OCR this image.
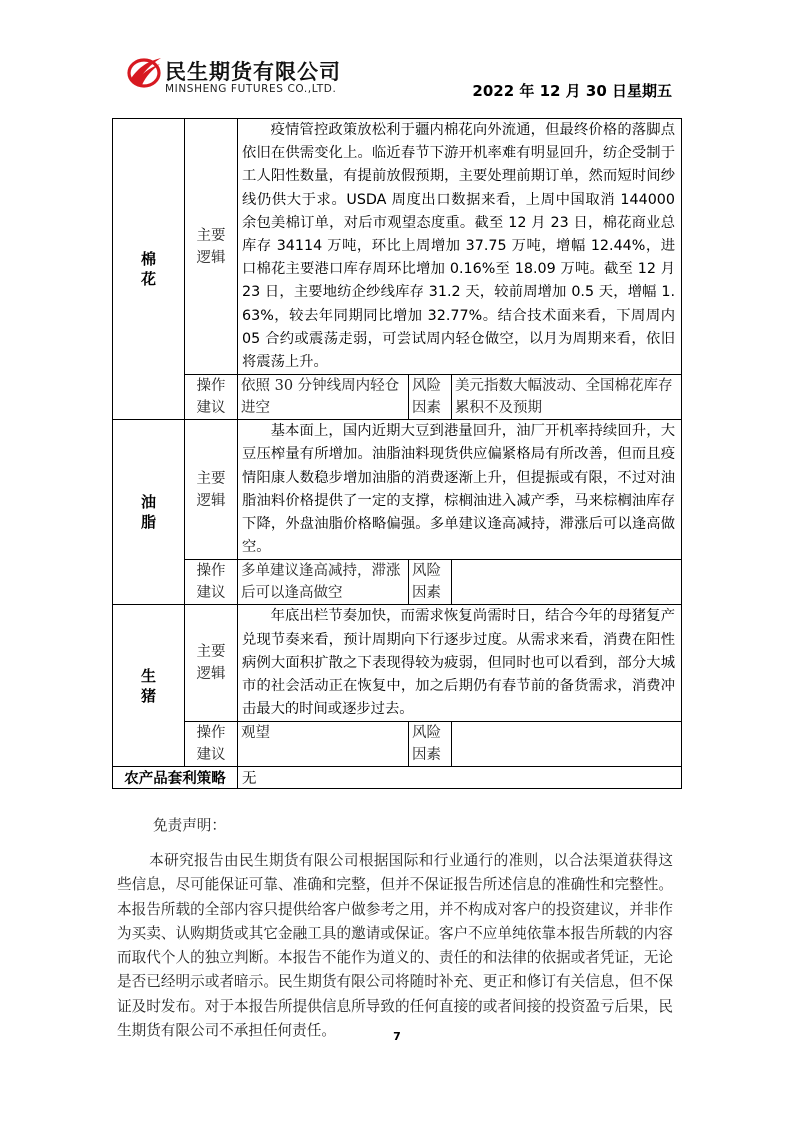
民生期货有限公司
MINSHENG FUTURES CO.,LTD.	2022 年 12 月 30 日星期五
棉花	主要逻辑	疫情管控政策放松利于疆内棉花向外流通，但最终价格的落脚点依旧在供需变化上。临近春节下游开机率难有明显回升，纺企受制于工人阳性数量，有提前放假预期，主要处理前期订单，然而短时间纱线仍供大于求。USDA 周度出口数据来看，上周中国取消 144000 余包美棉订单，对后市观望态度重。截至 12 月 23 日，棉花商业总库存 34114 万吨，环比上周增加 37.75 万吨，增幅 12.44%，进口棉花主要港口库存周环比增加 0.16%至 18.09 万吨。截至 12 月 23 日，主要地纺企纱线库存 31.2 天，较前周增加 0.5 天，增幅 1.63%，较去年同期同比增加 32.77%。结合技术面来看，下周周内 05 合约或震荡走弱，可尝试周内轻仓做空，以月为周期来看，依旧将震荡上升。		
	操作建议	依照 30 分钟线周内轻仓进空	风险因素	美元指数大幅波动、全国棉花库存累积不及预期
油脂	主要逻辑	基本面上，国内近期大豆到港量回升，油厂开机率持续回升，大豆压榨量有所增加。油脂油料现货供应偏紧格局有所改善，但而且疫情阳康人数稳步增加油脂的消费逐渐上升，但提振或有限，不过对油脂油料价格提供了一定的支撑，棕榈油进入减产季，马来棕榈油库存下降，外盘油脂价格略偏强。多单建议逢高减持，滞涨后可以逢高做空。		
	操作建议	多单建议逢高减持，滞涨后可以逢高做空	风险因素	
生猪	主要逻辑	年底出栏节奏加快，而需求恢复尚需时日，结合今年的母猪复产兑现节奏来看，预计周期向下行逐步过度。从需求来看，消费在阳性病例大面积扩散之下表现得较为疲弱，但同时也可以看到，部分大城市的社会活动正在恢复中，加之后期仍有春节前的备货需求，消费冲击最大的时间或逐步过去。		
	操作建议	观望	风险因素	
农产品套利策略		无		
免责声明：

本研究报告由民生期货有限公司根据国际和行业通行的准则，以合法渠道获得这些信息，尽可能保证可靠、准确和完整，但并不保证报告所述信息的准确性和完整性。本报告所载的全部内容只提供给客户做参考之用，并不构成对客户的投资建议，并非作为买卖、认购期货或其它金融工具的邀请或保证。客户不应单纯依靠本报告所载的内容而取代个人的独立判断。本报告不能作为道义的、责任的和法律的依据或者凭证，无论是否已经明示或者暗示。民生期货有限公司将随时补充、更正和修订有关信息，但不保证及时发布。对于本报告所提供信息所导致的任何直接的或者间接的投资盈亏后果，民生期货有限公司不承担任何责任。	7
